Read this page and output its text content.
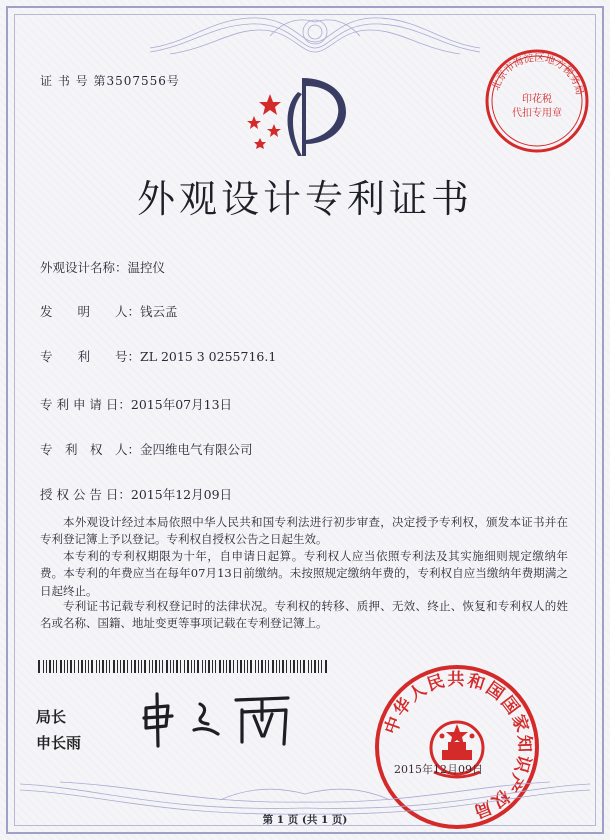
证 书 号 第3507556号	北京市海淀区地方税务局
印花税
代扣专用章
外观设计专利证书
外观设计名称：温控仪
发　　明　　人：钱云孟
专　　利　　号：ZL 2015 3 0255716.1
专 利 申 请 日：2015年07月13日
专　利　权　人：金四维电气有限公司
授 权 公 告 日：2015年12月09日
本外观设计经过本局依照中华人民共和国专利法进行初步审查，决定授予专利权，颁发本证书并在专利登记簿上予以登记。专利权自授权公告之日起生效。
本专利的专利权期限为十年，自申请日起算。专利权人应当依照专利法及其实施细则规定缴纳年费。本专利的年费应当在每年07月13日前缴纳。未按照规定缴纳年费的，专利权自应当缴纳年费期满之日起终止。
专利证书记载专利权登记时的法律状况。专利权的转移、质押、无效、终止、恢复和专利权人的姓名或名称、国籍、地址变更等事项记载在专利登记簿上。
局长
申长雨
中华人民共和国国家知识产权局
2015年12月09日
第 1 页 (共 1 页)
